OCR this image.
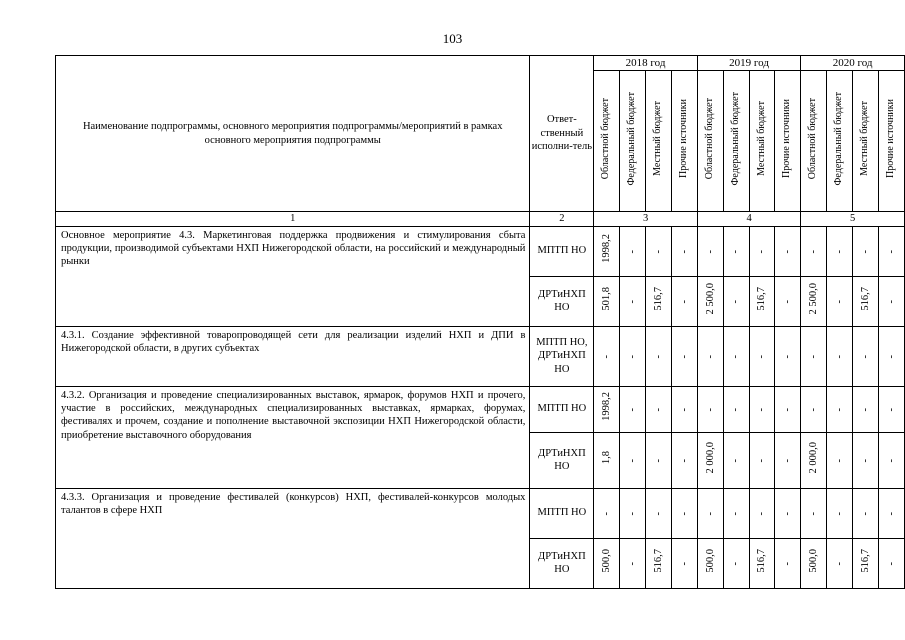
103
Наименование подпрограммы, основного мероприятия подпрограммы/мероприятий в рамках основного мероприятия подпрограммы	Ответ-ственный исполни-тель	2018 год				2019 год				2020 год			
		Областной бюджет	Федеральный бюджет	Местный бюджет	Прочие источники	Областной бюджет	Федеральный бюджет	Местный бюджет	Прочие источники	Областной бюджет	Федеральный бюджет	Местный бюджет	Прочие источники
1	2	3				4				5			
Основное мероприятие 4.3. Маркетинговая поддержка продвижения и стимулирования сбыта продукции, производимой субъектами НХП Нижегородской области, на российский и международный рынки	МПТП НО	1998,2	-	-	-	-	-	-	-	-	-	-	-
	ДРТиНХП НО	501,8	-	516,7	-	2 500,0	-	516,7	-	2 500,0	-	516,7	-
4.3.1. Создание эффективной товаропроводящей сети для реализации изделий НХП и ДПИ в Нижегородской области, в других субъектах	МПТП НО, ДРТиНХП НО	-	-	-	-	-	-	-	-	-	-	-	-
4.3.2. Организация и проведение специализированных выставок, ярмарок, форумов НХП и прочего, участие в российских, международных специализированных выставках, ярмарках, форумах, фестивалях и прочем, создание и пополнение выставочной экспозиции НХП Нижегородской области, приобретение выставочного оборудования	МПТП НО	1998,2	-	-	-	-	-	-	-	-	-	-	-
	ДРТиНХП НО	1,8	-	-	-	2 000,0	-	-	-	2 000,0	-	-	-
4.3.3. Организация и проведение фестивалей (конкурсов) НХП, фестивалей-конкурсов молодых талантов в сфере НХП	МПТП НО	-	-	-	-	-	-	-	-	-	-	-	-
	ДРТиНХП НО	500,0	-	516,7	-	500,0	-	516,7	-	500,0	-	516,7	-
